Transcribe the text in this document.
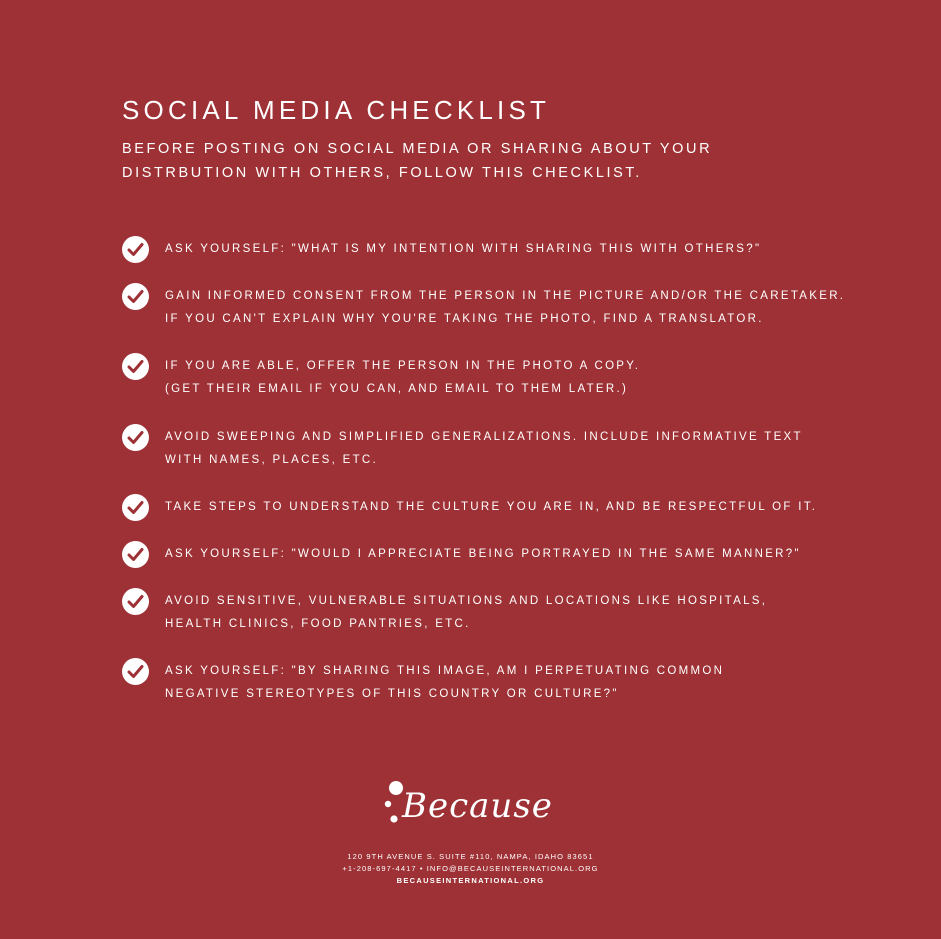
SOCIAL MEDIA CHECKLIST

BEFORE POSTING ON SOCIAL MEDIA OR SHARING ABOUT YOUR
DISTRBUTION WITH OTHERS, FOLLOW THIS CHECKLIST.

ASK YOURSELF: "WHAT IS MY INTENTION WITH SHARING THIS WITH OTHERS?"
GAIN INFORMED CONSENT FROM THE PERSON IN THE PICTURE AND/OR THE CARETAKER.
IF YOU CAN'T EXPLAIN WHY YOU'RE TAKING THE PHOTO, FIND A TRANSLATOR.
IF YOU ARE ABLE, OFFER THE PERSON IN THE PHOTO A COPY.
(GET THEIR EMAIL IF YOU CAN, AND EMAIL TO THEM LATER.)
AVOID SWEEPING AND SIMPLIFIED GENERALIZATIONS. INCLUDE INFORMATIVE TEXT
WITH NAMES, PLACES, ETC.
TAKE STEPS TO UNDERSTAND THE CULTURE YOU ARE IN, AND BE RESPECTFUL OF IT.
ASK YOURSELF: "WOULD I APPRECIATE BEING PORTRAYED IN THE SAME MANNER?"
AVOID SENSITIVE, VULNERABLE SITUATIONS AND LOCATIONS LIKE HOSPITALS,
HEALTH CLINICS, FOOD PANTRIES, ETC.
ASK YOURSELF: "BY SHARING THIS IMAGE, AM I PERPETUATING COMMON
NEGATIVE STEREOTYPES OF THIS COUNTRY OR CULTURE?"
Because
120 9TH AVENUE S. SUITE #110, NAMPA, IDAHO 83651
+1-208-697-4417 • INFO@BECAUSEINTERNATIONAL.ORG
BECAUSEINTERNATIONAL.ORG
